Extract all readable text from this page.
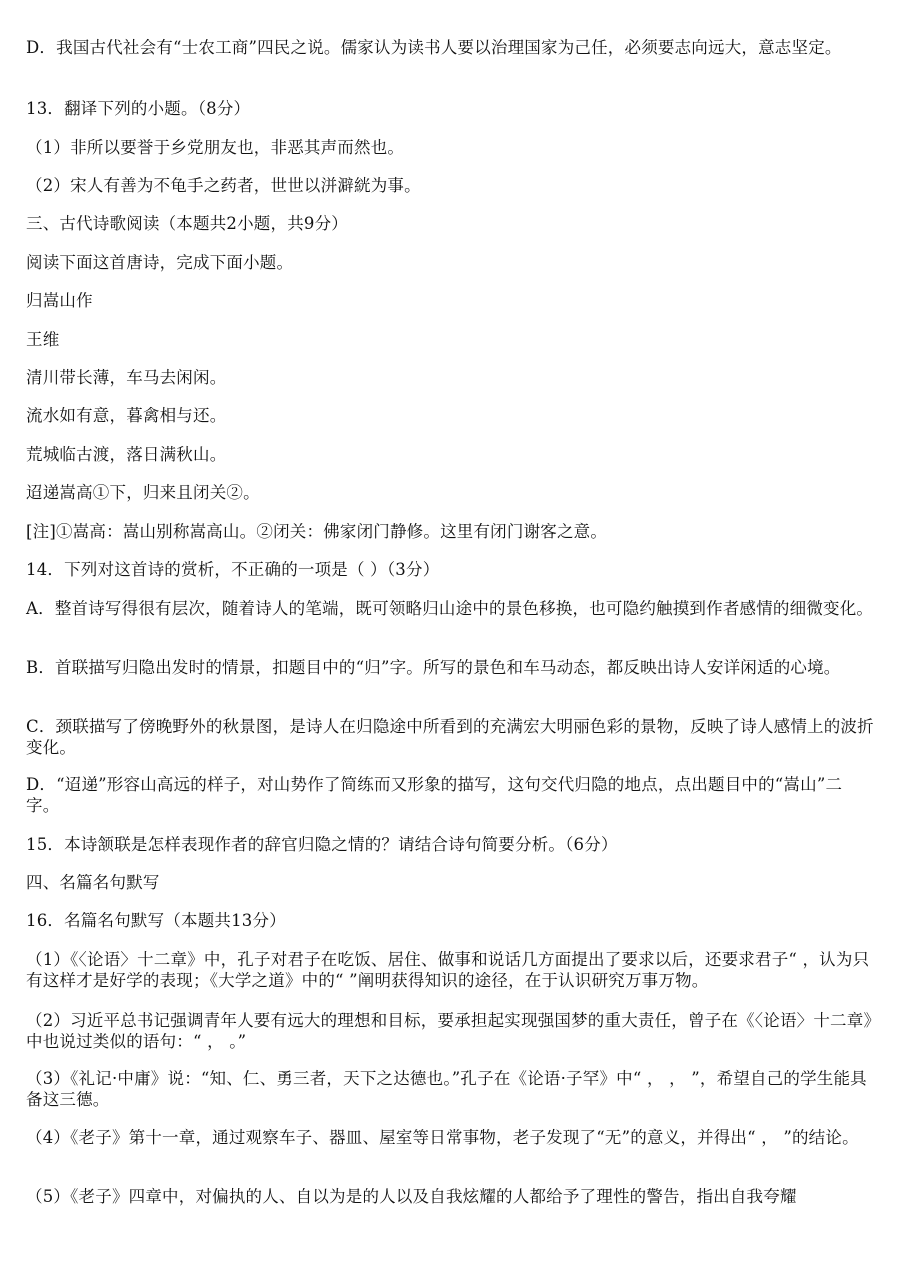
D．我国古代社会有“士农工商”四民之说。儒家认为读书人要以治理国家为己任，必须要志向远大，意志坚定。
13．翻译下列的小题。（8分）
（1）非所以要誉于乡党朋友也，非恶其声而然也。
（2）宋人有善为不龟手之药者，世世以洴澼絖为事。
三、古代诗歌阅读（本题共2小题，共9分）
阅读下面这首唐诗，完成下面小题。
归嵩山作
王维
清川带长薄，车马去闲闲。
流水如有意，暮禽相与还。
荒城临古渡，落日满秋山。
迢递嵩高①下，归来且闭关②。
[注]①嵩高：嵩山别称嵩高山。②闭关：佛家闭门静修。这里有闭门谢客之意。
14．下列对这首诗的赏析，不正确的一项是（ ）（3分）
A．整首诗写得很有层次，随着诗人的笔端，既可领略归山途中的景色移换，也可隐约触摸到作者感情的细微变化。
B．首联描写归隐出发时的情景，扣题目中的“归”字。所写的景色和车马动态，都反映出诗人安详闲适的心境。
C．颈联描写了傍晚野外的秋景图，是诗人在归隐途中所看到的充满宏大明丽色彩的景物，反映了诗人感情上的波折变化。
D．“迢递”形容山高远的样子，对山势作了简练而又形象的描写，这句交代归隐的地点，点出题目中的“嵩山”二字。
15．本诗颔联是怎样表现作者的辞官归隐之情的？请结合诗句简要分析。（6分）
四、名篇名句默写
16．名篇名句默写（本题共13分）
（1）《〈论语〉十二章》中，孔子对君子在吃饭、居住、做事和说话几方面提出了要求以后，还要求君子“ ，认为只有这样才是好学的表现；《大学之道》中的“ ”阐明获得知识的途径，在于认识研究万事万物。
（2）习近平总书记强调青年人要有远大的理想和目标，要承担起实现强国梦的重大责任，曾子在《〈论语〉十二章》中也说过类似的语句：“ ， 。”
（3）《礼记·中庸》说：“知、仁、勇三者，天下之达德也。”孔子在《论语·子罕》中“ ， ， ”，希望自己的学生能具备这三德。
（4）《老子》第十一章，通过观察车子、器皿、屋室等日常事物，老子发现了“无”的意义，并得出“ ， ”的结论。
（5）《老子》四章中，对偏执的人、自以为是的人以及自我炫耀的人都给予了理性的警告，指出自我夸耀
